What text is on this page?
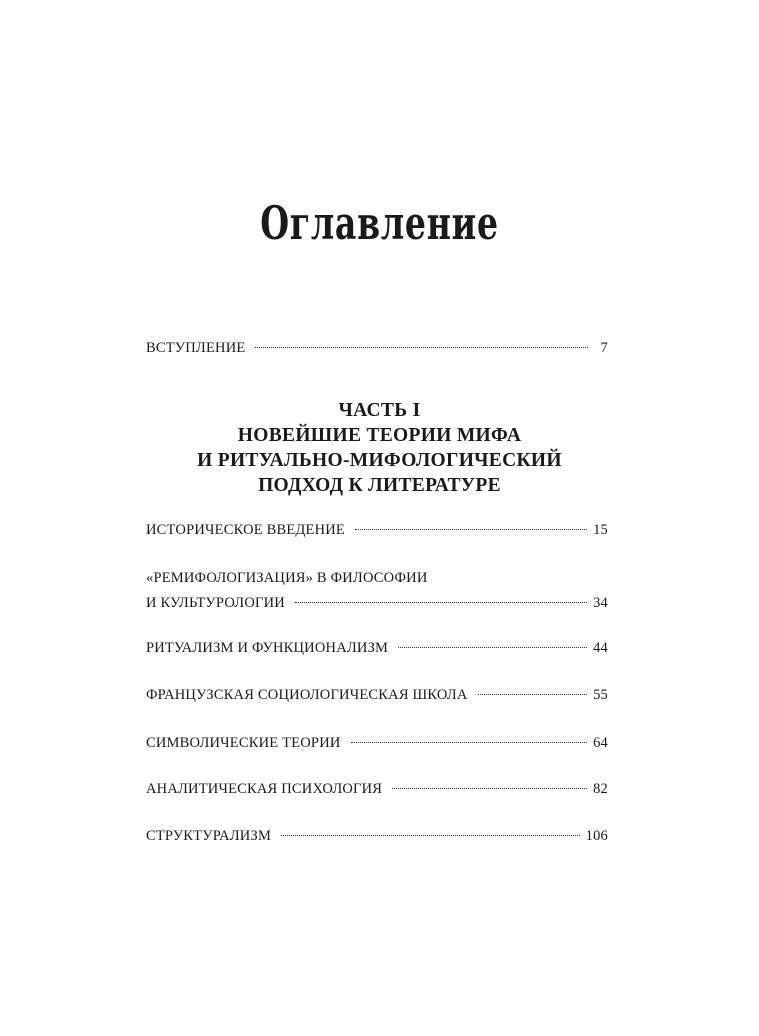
Оглавление
ВСТУПЛЕНИЕ	7
ЧАСТЬ I
НОВЕЙШИЕ ТЕОРИИ МИФА
И РИТУАЛЬНО-МИФОЛОГИЧЕСКИЙ
ПОДХОД К ЛИТЕРАТУРЕ
ИСТОРИЧЕСКОЕ ВВЕДЕНИЕ	15
«РЕМИФОЛОГИЗАЦИЯ» В ФИЛОСОФИИ
И КУЛЬТУРОЛОГИИ	34
РИТУАЛИЗМ И ФУНКЦИОНАЛИЗМ	44
ФРАНЦУЗСКАЯ СОЦИОЛОГИЧЕСКАЯ ШКОЛА	55
СИМВОЛИЧЕСКИЕ ТЕОРИИ	64
АНАЛИТИЧЕСКАЯ ПСИХОЛОГИЯ	82
СТРУКТУРАЛИЗМ	106
